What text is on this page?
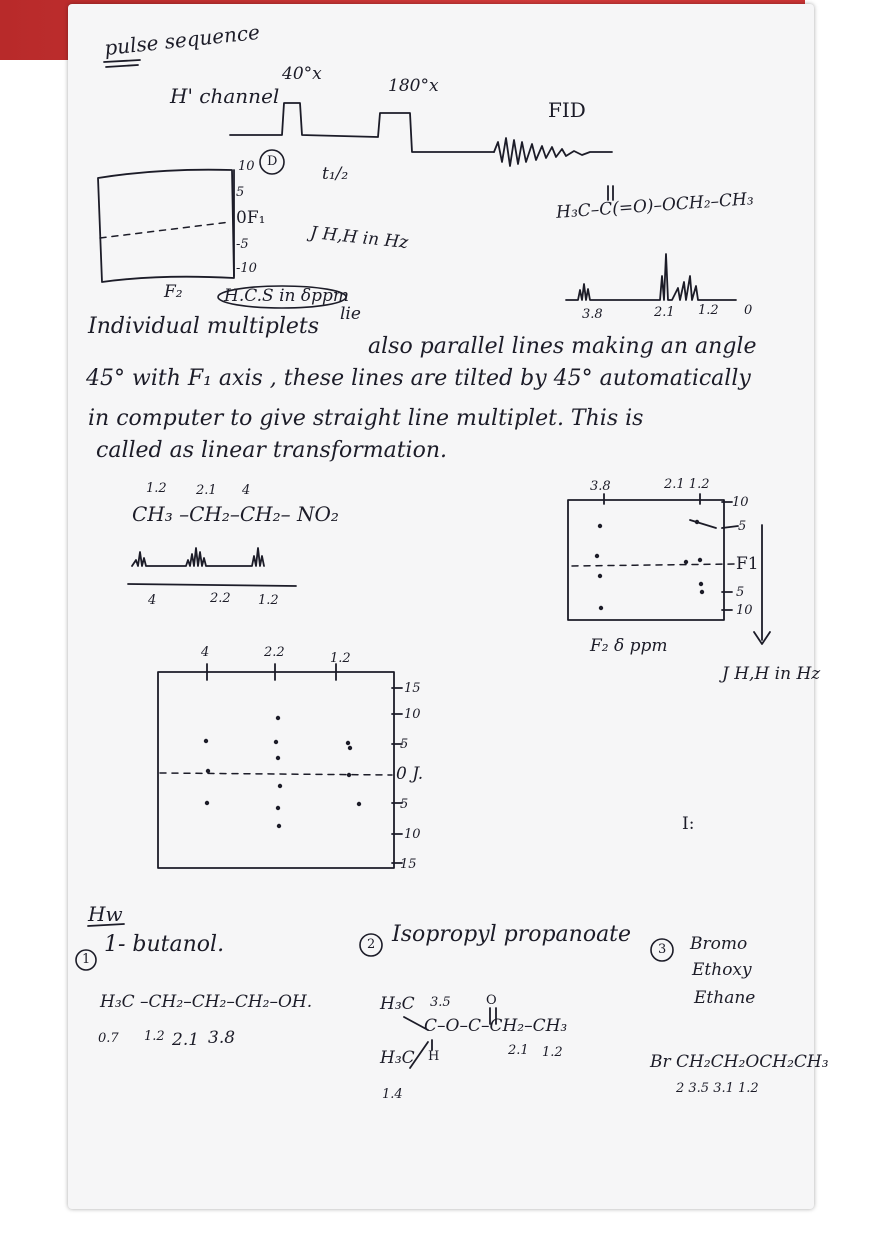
pulse sequence
H' channel
40°x
180°x
FID
t₁/₂
10 D
5
0F₁
-5
-10
J H,H in Hz
F₂ H.C.S in δppm
H₃C–C(=O)–OCH₂–CH₃
3.8	2.1 1.2 0
Individual multiplets lie
also parallel lines making an angle
45° with F₁ axis , these lines are tilted by 45° automatically
in computer to give straight line multiplet. This is
called as linear transformation.
1.2 2.1 4
CH₃ –CH₂–CH₂– NO₂
4	2.2 1.2
3.8	2.1 1.2
10
5
F1
5
10
F₂ δ ppm
J H,H in Hz
4	2.2	1.2
15
10
5
0 J.
5
10
15
I:
Hw
1
1- butanol.
H₃C –CH₂–CH₂–CH₂–OH.
0.7 1.2 2.1 3.8
2 Isopropyl propanoate
H₃C 3.5	O
C–O–C–CH₂–CH₃
H
H₃C	2.1 1.2
1.4
3 Bromo
Ethoxy
Ethane
Br CH₂CH₂OCH₂CH₃
2 3.5 3.1 1.2
